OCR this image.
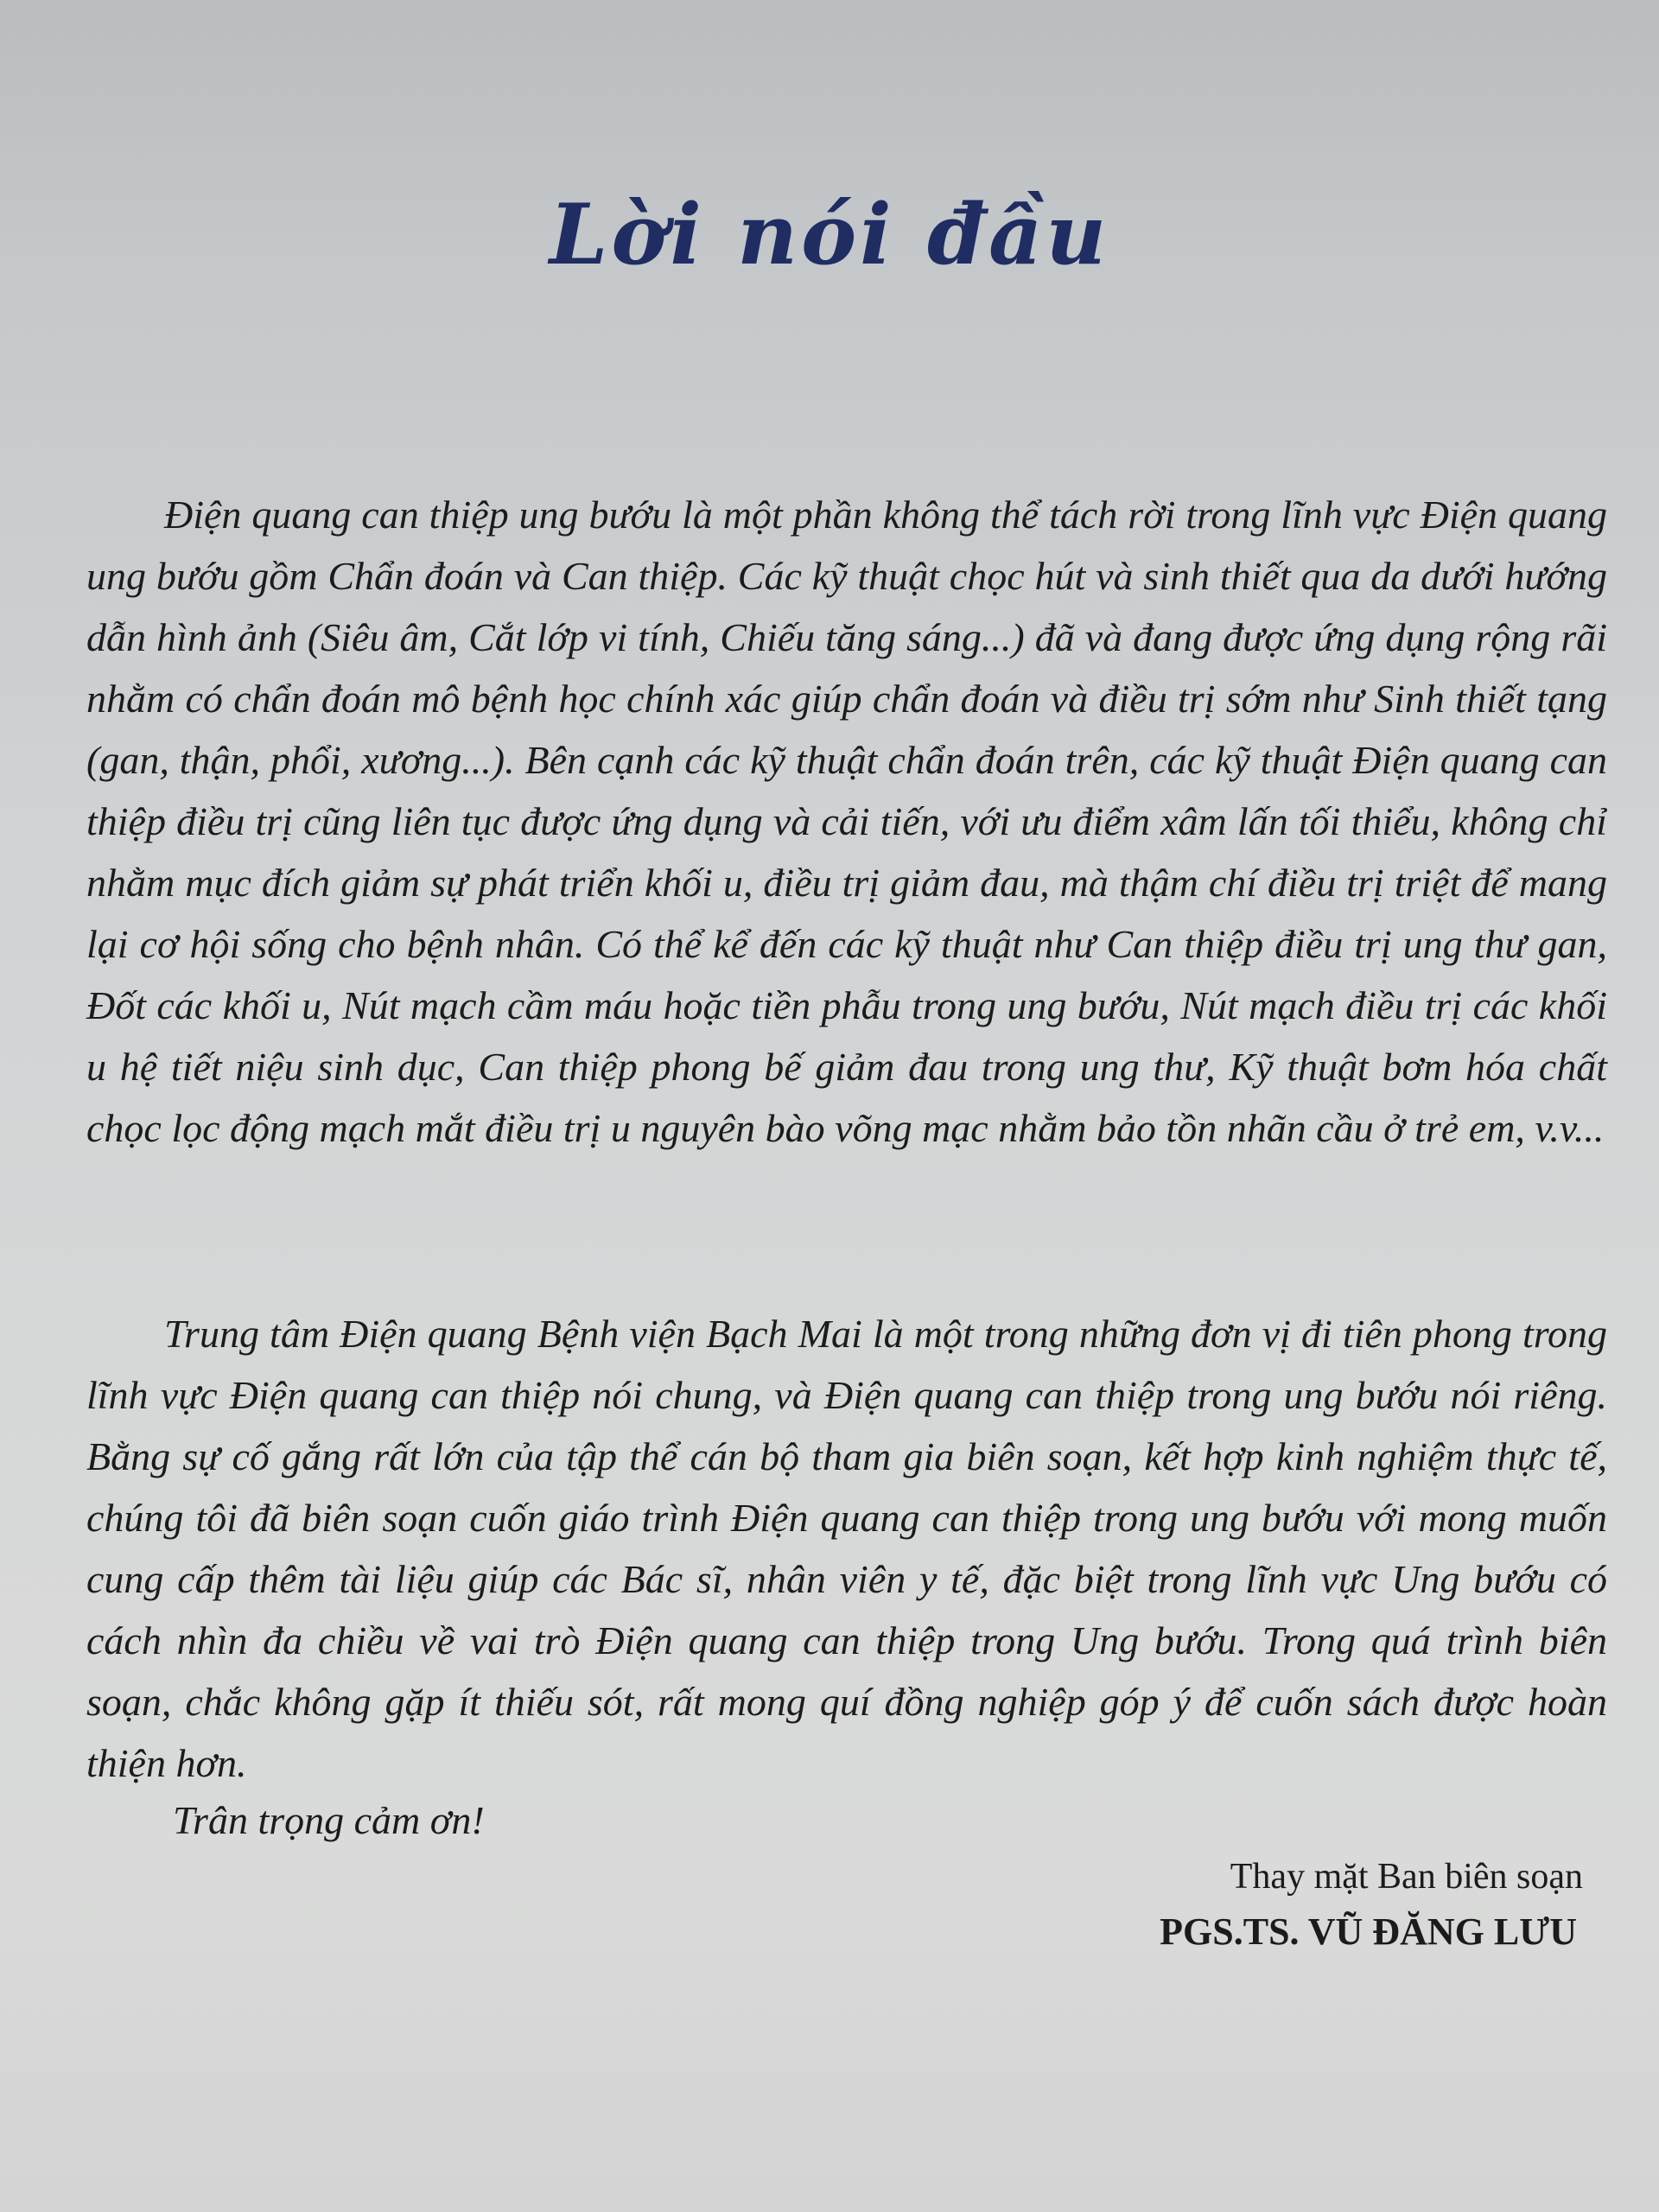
Lời nói đầu

Điện quang can thiệp ung bướu là một phần không thể tách rời trong lĩnh vực Điện quang ung bướu gồm Chẩn đoán và Can thiệp. Các kỹ thuật chọc hút và sinh thiết qua da dưới hướng dẫn hình ảnh (Siêu âm, Cắt lớp vi tính, Chiếu tăng sáng...) đã và đang được ứng dụng rộng rãi nhằm có chẩn đoán mô bệnh học chính xác giúp chẩn đoán và điều trị sớm như Sinh thiết tạng (gan, thận, phổi, xương...). Bên cạnh các kỹ thuật chẩn đoán trên, các kỹ thuật Điện quang can thiệp điều trị cũng liên tục được ứng dụng và cải tiến, với ưu điểm xâm lấn tối thiểu, không chỉ nhằm mục đích giảm sự phát triển khối u, điều trị giảm đau, mà thậm chí điều trị triệt để mang lại cơ hội sống cho bệnh nhân. Có thể kể đến các kỹ thuật như Can thiệp điều trị ung thư gan, Đốt các khối u, Nút mạch cầm máu hoặc tiền phẫu trong ung bướu, Nút mạch điều trị các khối u hệ tiết niệu sinh dục, Can thiệp phong bế giảm đau trong ung thư, Kỹ thuật bơm hóa chất chọc lọc động mạch mắt điều trị u nguyên bào võng mạc nhằm bảo tồn nhãn cầu ở trẻ em, v.v...

Trung tâm Điện quang Bệnh viện Bạch Mai là một trong những đơn vị đi tiên phong trong lĩnh vực Điện quang can thiệp nói chung, và Điện quang can thiệp trong ung bướu nói riêng. Bằng sự cố gắng rất lớn của tập thể cán bộ tham gia biên soạn, kết hợp kinh nghiệm thực tế, chúng tôi đã biên soạn cuốn giáo trình Điện quang can thiệp trong ung bướu với mong muốn cung cấp thêm tài liệu giúp các Bác sĩ, nhân viên y tế, đặc biệt trong lĩnh vực Ung bướu có cách nhìn đa chiều về vai trò Điện quang can thiệp trong Ung bướu. Trong quá trình biên soạn, chắc không gặp ít thiếu sót, rất mong quí đồng nghiệp góp ý để cuốn sách được hoàn thiện hơn.

Trân trọng cảm ơn!

Thay mặt Ban biên soạn

PGS.TS. VŨ ĐĂNG LƯU
